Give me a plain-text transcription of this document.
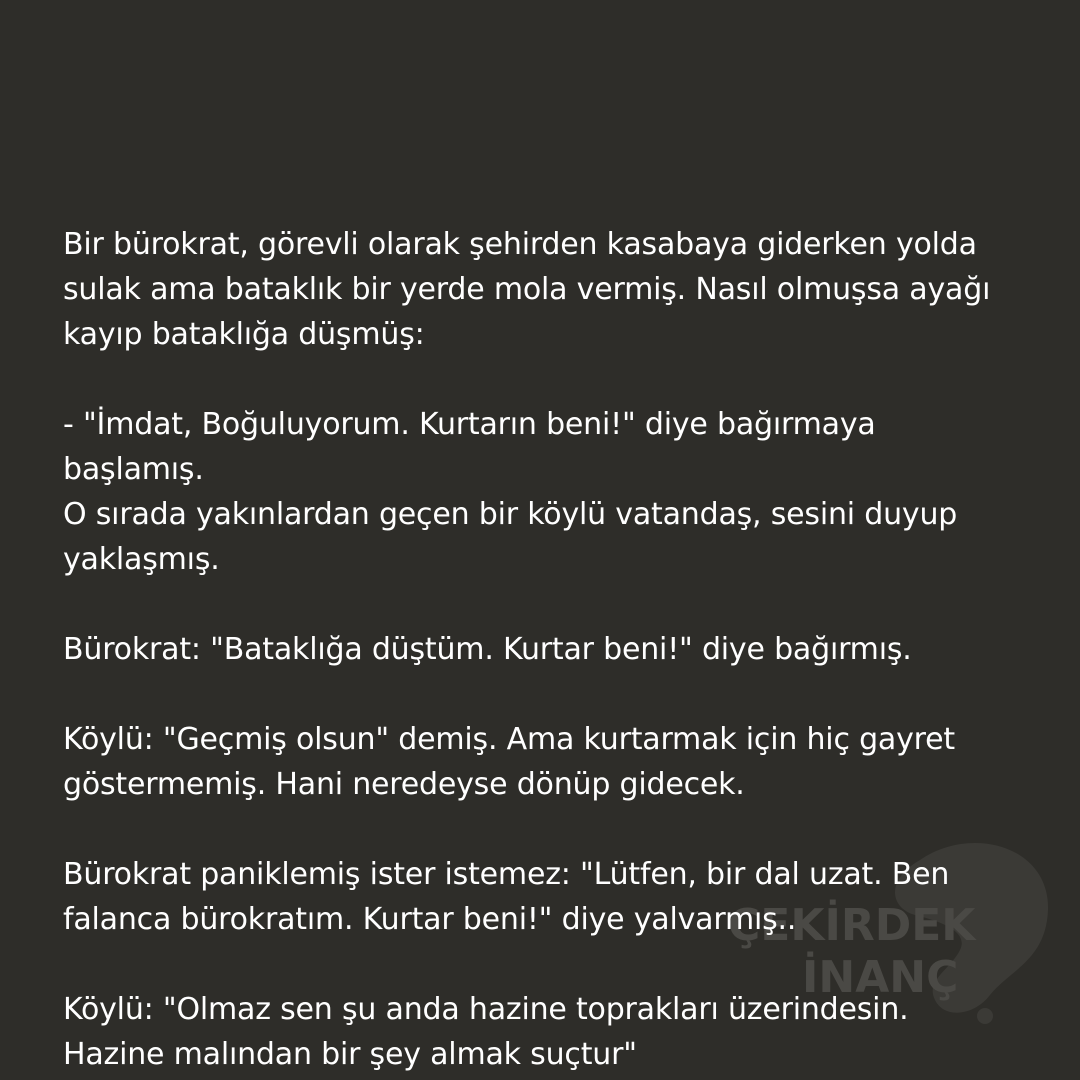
ÇEKİRDEK
İNANÇ
Bir bürokrat, görevli olarak şehirden kasabaya giderken yolda
sulak ama bataklık bir yerde mola vermiş. Nasıl olmuşsa ayağı
kayıp bataklığa düşmüş:
- "İmdat, Boğuluyorum. Kurtarın beni!" diye bağırmaya
başlamış.
O sırada yakınlardan geçen bir köylü vatandaş, sesini duyup
yaklaşmış.
Bürokrat: "Bataklığa düştüm. Kurtar beni!" diye bağırmış.
Köylü: "Geçmiş olsun" demiş. Ama kurtarmak için hiç gayret
göstermemiş. Hani neredeyse dönüp gidecek.
Bürokrat paniklemiş ister istemez: "Lütfen, bir dal uzat. Ben
falanca bürokratım. Kurtar beni!" diye yalvarmış..
Köylü: "Olmaz sen şu anda hazine toprakları üzerindesin.
Hazine malından bir şey almak suçtur"
